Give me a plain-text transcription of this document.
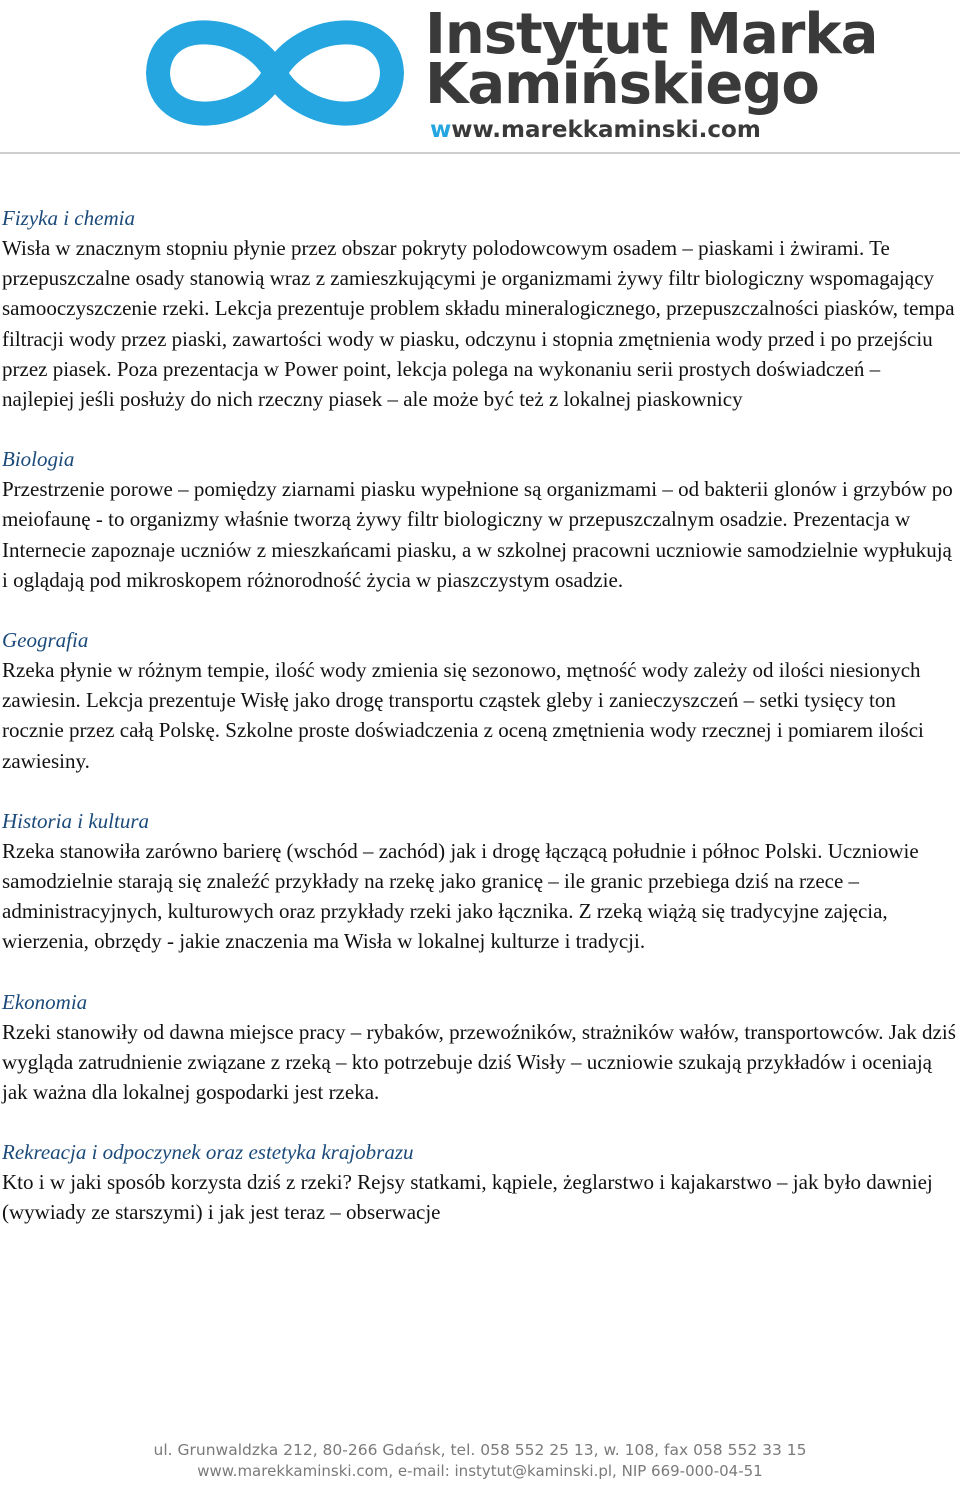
Instytut Marka
Kamińskiego
www.marekkaminski.com

Fizyka i chemia

Wisła w znacznym stopniu płynie przez obszar pokryty polodowcowym osadem – piaskami i żwirami. Te przepuszczalne osady stanowią wraz z zamieszkującymi je organizmami żywy filtr biologiczny wspomagający samooczyszczenie rzeki. Lekcja prezentuje problem składu mineralogicznego, przepuszczalności piasków, tempa filtracji wody przez piaski, zawartości wody w piasku, odczynu i stopnia zmętnienia wody przed i po przejściu przez piasek. Poza prezentacja w Power point, lekcja polega na wykonaniu serii prostych doświadczeń – najlepiej jeśli posłuży do nich rzeczny piasek – ale może być też z lokalnej piaskownicy

Biologia

Przestrzenie porowe – pomiędzy ziarnami piasku wypełnione są organizmami – od bakterii glonów i grzybów po meiofaunę - to organizmy właśnie tworzą żywy filtr biologiczny w przepuszczalnym osadzie. Prezentacja w Internecie zapoznaje uczniów z mieszkańcami piasku, a w szkolnej pracowni uczniowie samodzielnie wypłukują i oglądają pod mikroskopem różnorodność życia w piaszczystym osadzie.

Geografia

Rzeka płynie w różnym tempie, ilość wody zmienia się sezonowo, mętność wody zależy od ilości niesionych zawiesin. Lekcja prezentuje Wisłę jako drogę transportu cząstek gleby i zanieczyszczeń – setki tysięcy ton rocznie przez całą Polskę. Szkolne proste doświadczenia z oceną zmętnienia wody rzecznej i pomiarem ilości zawiesiny.

Historia i kultura

Rzeka stanowiła zarówno barierę (wschód – zachód) jak i drogę łączącą południe i północ Polski. Uczniowie samodzielnie starają się znaleźć przykłady na rzekę jako granicę – ile granic przebiega dziś na rzece – administracyjnych, kulturowych oraz przykłady rzeki jako łącznika. Z rzeką wiążą się tradycyjne zajęcia, wierzenia, obrzędy - jakie znaczenia ma Wisła w lokalnej kulturze i tradycji.

Ekonomia

Rzeki stanowiły od dawna miejsce pracy – rybaków, przewoźników, strażników wałów, transportowców. Jak dziś wygląda zatrudnienie związane z rzeką – kto potrzebuje dziś Wisły – uczniowie szukają przykładów i oceniają jak ważna dla lokalnej gospodarki jest rzeka.

Rekreacja i odpoczynek oraz estetyka krajobrazu

Kto i w jaki sposób korzysta dziś z rzeki? Rejsy statkami, kąpiele, żeglarstwo i kajakarstwo – jak było dawniej (wywiady ze starszymi) i jak jest teraz – obserwacje

ul. Grunwaldzka 212, 80-266 Gdańsk, tel. 058 552 25 13, w. 108, fax 058 552 33 15
www.marekkaminski.com, e-mail: instytut@kaminski.pl, NIP 669-000-04-51
